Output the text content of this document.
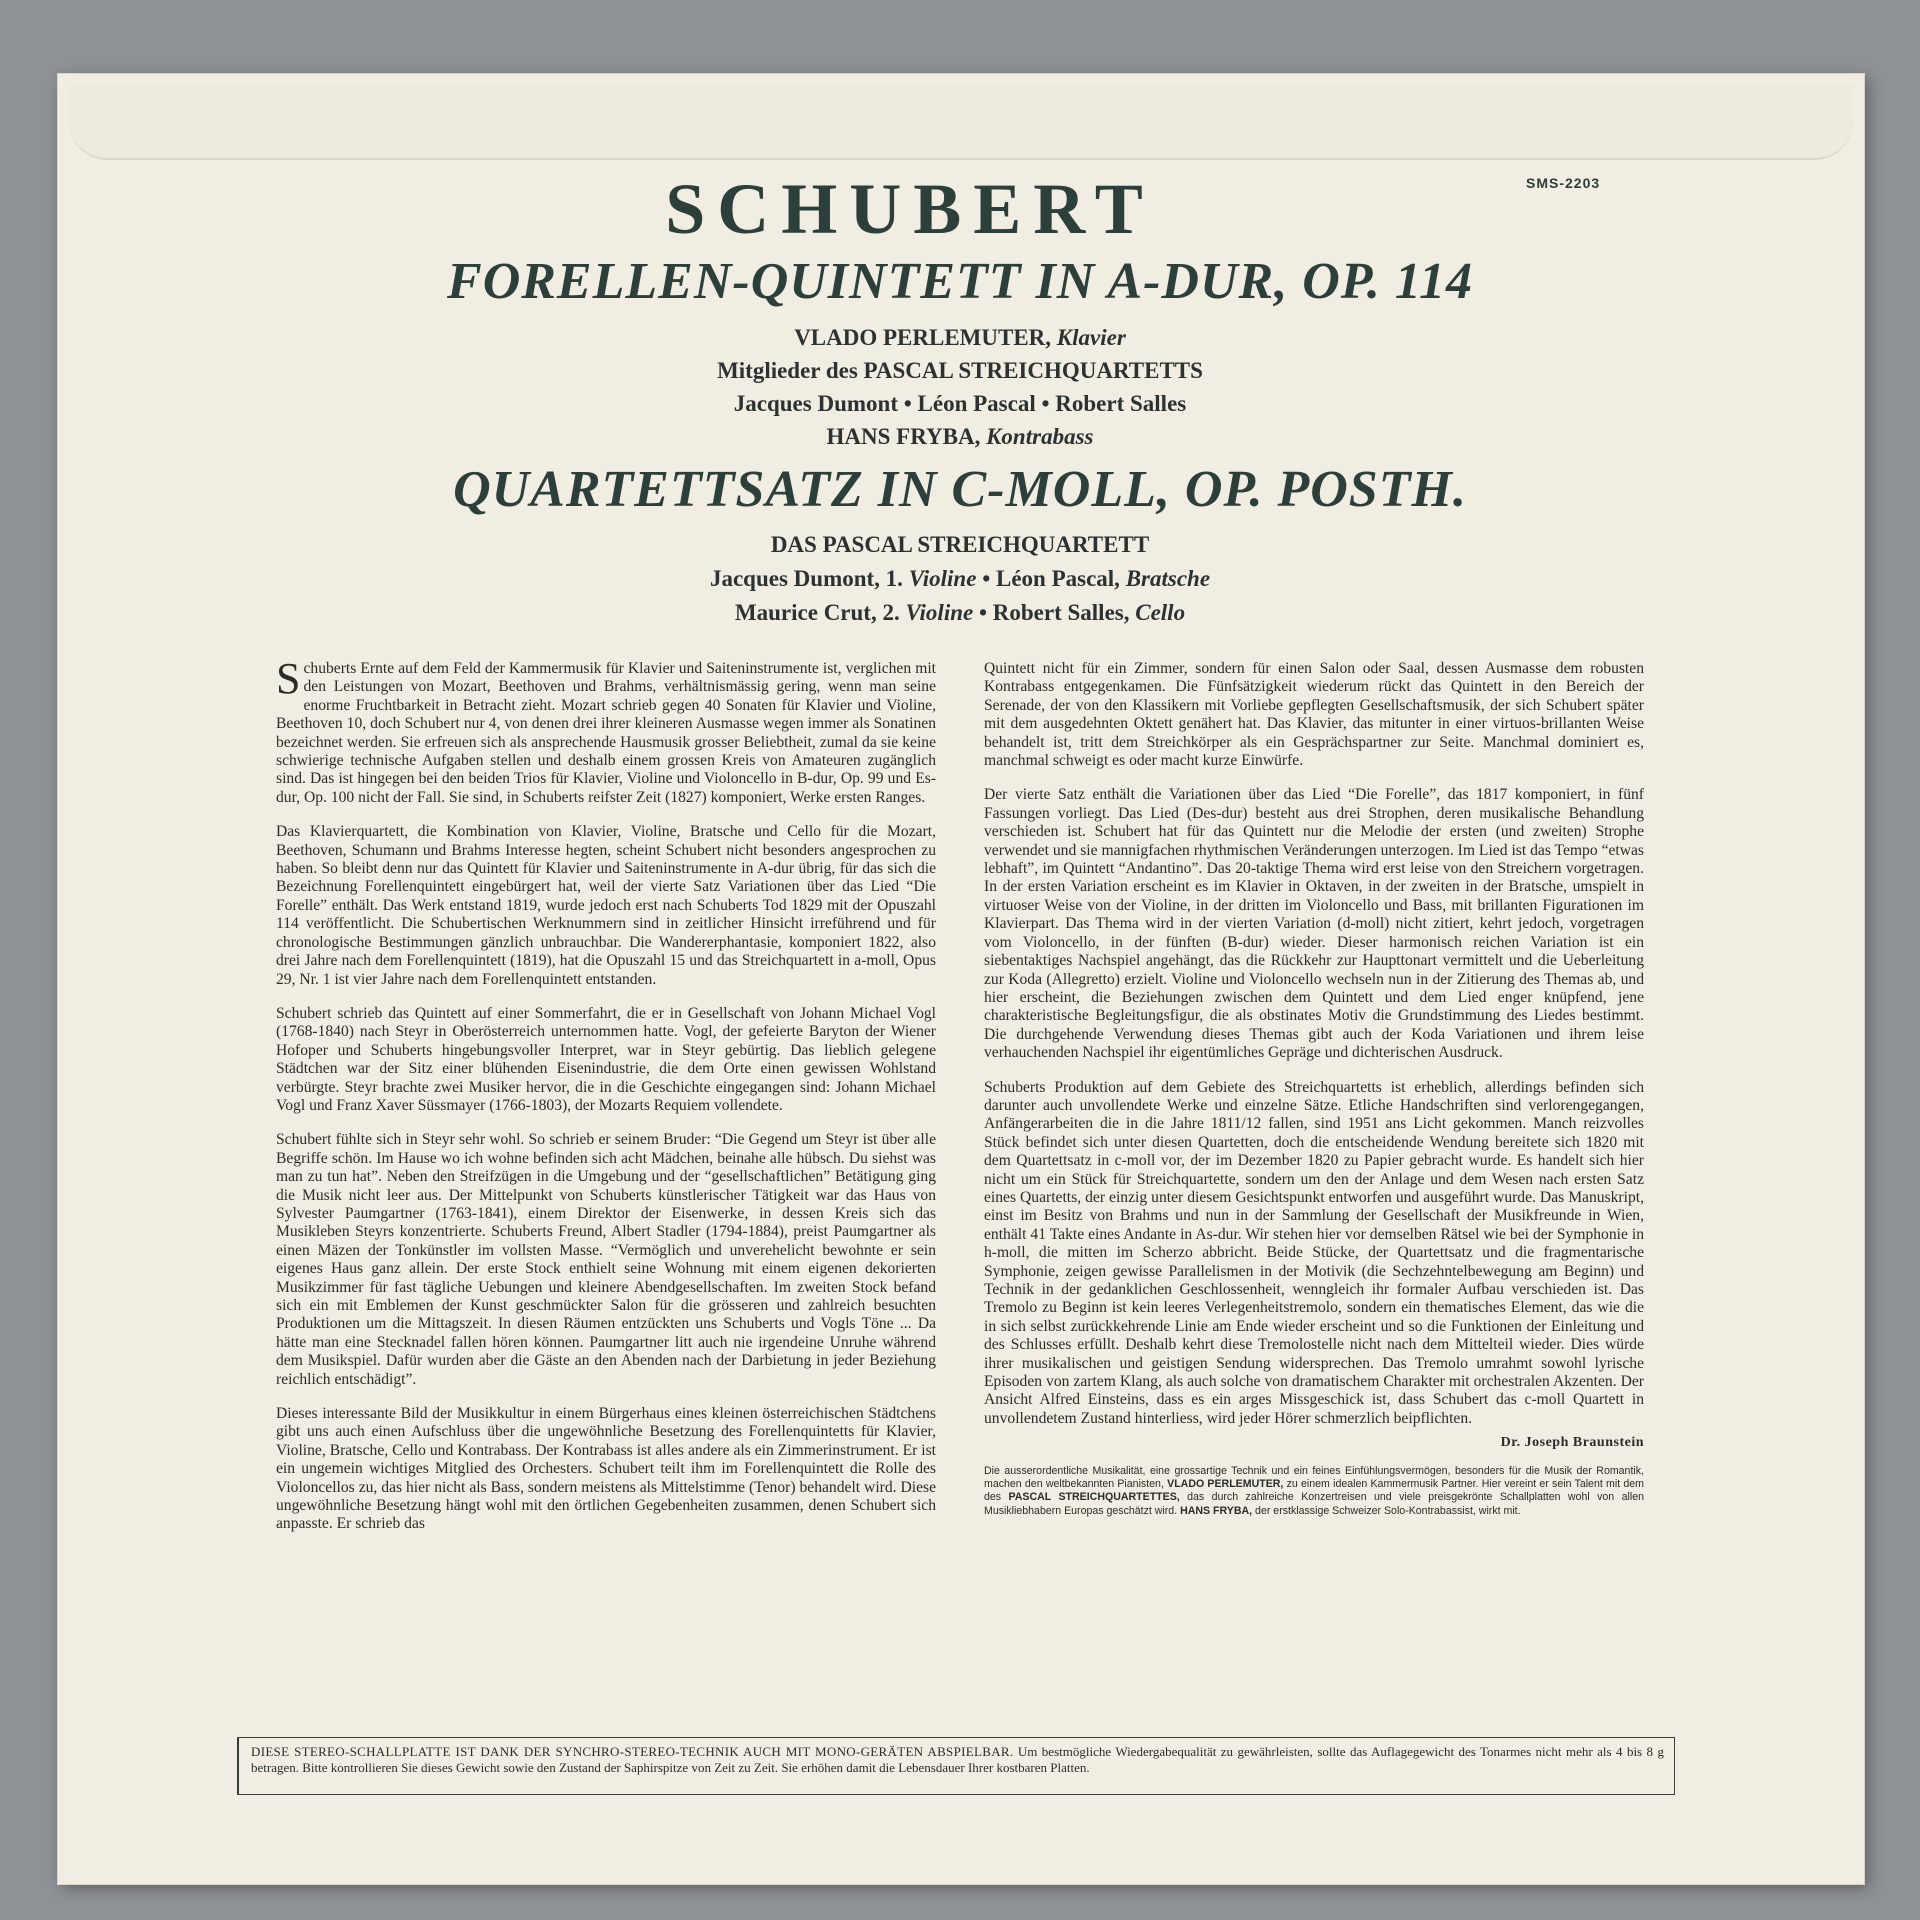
SMS-2203
SCHUBERT
FORELLEN-QUINTETT IN A-DUR, OP. 114
VLADO PERLEMUTER, Klavier
Mitglieder des PASCAL STREICHQUARTETTS
Jacques Dumont • Léon Pascal • Robert Salles
HANS FRYBA, Kontrabass
QUARTETTSATZ IN C-MOLL, OP. POSTH.
DAS PASCAL STREICHQUARTETT
Jacques Dumont, 1. Violine • Léon Pascal, Bratsche
Maurice Crut, 2. Violine • Robert Salles, Cello

Schuberts Ernte auf dem Feld der Kammermusik für Klavier und Saiteninstrumente ist, verglichen mit den Leistungen von Mozart, Beethoven und Brahms, verhältnismässig gering, wenn man seine enorme Fruchtbarkeit in Betracht zieht. Mozart schrieb gegen 40 Sonaten für Klavier und Violine, Beethoven 10, doch Schubert nur 4, von denen drei ihrer kleineren Ausmasse wegen immer als Sonatinen bezeichnet werden. Sie erfreuen sich als ansprechende Hausmusik grosser Beliebtheit, zumal da sie keine schwierige technische Aufgaben stellen und deshalb einem grossen Kreis von Amateuren zugänglich sind. Das ist hingegen bei den beiden Trios für Klavier, Violine und Violoncello in B-dur, Op. 99 und Es-dur, Op. 100 nicht der Fall. Sie sind, in Schuberts reifster Zeit (1827) komponiert, Werke ersten Ranges.

Das Klavierquartett, die Kombination von Klavier, Violine, Bratsche und Cello für die Mozart, Beethoven, Schumann und Brahms Interesse hegten, scheint Schubert nicht besonders angesprochen zu haben. So bleibt denn nur das Quintett für Klavier und Saiteninstrumente in A-dur übrig, für das sich die Bezeichnung Forellenquintett eingebürgert hat, weil der vierte Satz Variationen über das Lied “Die Forelle” enthält. Das Werk entstand 1819, wurde jedoch erst nach Schuberts Tod 1829 mit der Opuszahl 114 veröffentlicht. Die Schubertischen Werknummern sind in zeitlicher Hinsicht irreführend und für chronologische Bestimmungen gänzlich unbrauchbar. Die Wandererphantasie, komponiert 1822, also drei Jahre nach dem Forellenquintett (1819), hat die Opuszahl 15 und das Streichquartett in a-moll, Opus 29, Nr. 1 ist vier Jahre nach dem Forellenquintett entstanden.

Schubert schrieb das Quintett auf einer Sommerfahrt, die er in Gesellschaft von Johann Michael Vogl (1768-1840) nach Steyr in Oberösterreich unternommen hatte. Vogl, der gefeierte Baryton der Wiener Hofoper und Schuberts hingebungsvoller Interpret, war in Steyr gebürtig. Das lieblich gelegene Städtchen war der Sitz einer blühenden Eisenindustrie, die dem Orte einen gewissen Wohlstand verbürgte. Steyr brachte zwei Musiker hervor, die in die Geschichte eingegangen sind: Johann Michael Vogl und Franz Xaver Süssmayer (1766-1803), der Mozarts Requiem vollendete.

Schubert fühlte sich in Steyr sehr wohl. So schrieb er seinem Bruder: “Die Gegend um Steyr ist über alle Begriffe schön. Im Hause wo ich wohne befinden sich acht Mädchen, beinahe alle hübsch. Du siehst was man zu tun hat”. Neben den Streifzügen in die Umgebung und der “gesellschaftlichen” Betätigung ging die Musik nicht leer aus. Der Mittelpunkt von Schuberts künstlerischer Tätigkeit war das Haus von Sylvester Paumgartner (1763-1841), einem Direktor der Eisenwerke, in dessen Kreis sich das Musikleben Steyrs konzentrierte. Schuberts Freund, Albert Stadler (1794-1884), preist Paumgartner als einen Mäzen der Tonkünstler im vollsten Masse. “Vermöglich und unverehelicht bewohnte er sein eigenes Haus ganz allein. Der erste Stock enthielt seine Wohnung mit einem eigenen dekorierten Musikzimmer für fast tägliche Uebungen und kleinere Abendgesellschaften. Im zweiten Stock befand sich ein mit Emblemen der Kunst geschmückter Salon für die grösseren und zahlreich besuchten Produktionen um die Mittagszeit. In diesen Räumen entzückten uns Schuberts und Vogls Töne ... Da hätte man eine Stecknadel fallen hören können. Paumgartner litt auch nie irgendeine Unruhe während dem Musikspiel. Dafür wurden aber die Gäste an den Abenden nach der Darbietung in jeder Beziehung reichlich entschädigt”.

Dieses interessante Bild der Musikkultur in einem Bürgerhaus eines kleinen österreichischen Städtchens gibt uns auch einen Aufschluss über die ungewöhnliche Besetzung des Forellenquintetts für Klavier, Violine, Bratsche, Cello und Kontrabass. Der Kontrabass ist alles andere als ein Zimmerinstrument. Er ist ein ungemein wichtiges Mitglied des Orchesters. Schubert teilt ihm im Forellenquintett die Rolle des Violoncellos zu, das hier nicht als Bass, sondern meistens als Mittelstimme (Tenor) behandelt wird. Diese ungewöhnliche Besetzung hängt wohl mit den örtlichen Gegebenheiten zusammen, denen Schubert sich anpasste. Er schrieb das

Quintett nicht für ein Zimmer, sondern für einen Salon oder Saal, dessen Ausmasse dem robusten Kontrabass entgegenkamen. Die Fünfsätzigkeit wiederum rückt das Quintett in den Bereich der Serenade, der von den Klassikern mit Vorliebe gepflegten Gesellschaftsmusik, der sich Schubert später mit dem ausgedehnten Oktett genähert hat. Das Klavier, das mitunter in einer virtuos-brillanten Weise behandelt ist, tritt dem Streichkörper als ein Gesprächspartner zur Seite. Manchmal dominiert es, manchmal schweigt es oder macht kurze Einwürfe.

Der vierte Satz enthält die Variationen über das Lied “Die Forelle”, das 1817 komponiert, in fünf Fassungen vorliegt. Das Lied (Des-dur) besteht aus drei Strophen, deren musikalische Behandlung verschieden ist. Schubert hat für das Quintett nur die Melodie der ersten (und zweiten) Strophe verwendet und sie mannigfachen rhythmischen Veränderungen unterzogen. Im Lied ist das Tempo “etwas lebhaft”, im Quintett “Andantino”. Das 20-taktige Thema wird erst leise von den Streichern vorgetragen. In der ersten Variation erscheint es im Klavier in Oktaven, in der zweiten in der Bratsche, umspielt in virtuoser Weise von der Violine, in der dritten im Violoncello und Bass, mit brillanten Figurationen im Klavierpart. Das Thema wird in der vierten Variation (d-moll) nicht zitiert, kehrt jedoch, vorgetragen vom Violoncello, in der fünften (B-dur) wieder. Dieser harmonisch reichen Variation ist ein siebentaktiges Nachspiel angehängt, das die Rückkehr zur Haupttonart vermittelt und die Ueberleitung zur Koda (Allegretto) erzielt. Violine und Violoncello wechseln nun in der Zitierung des Themas ab, und hier erscheint, die Beziehungen zwischen dem Quintett und dem Lied enger knüpfend, jene charakteristische Begleitungsfigur, die als obstinates Motiv die Grundstimmung des Liedes bestimmt. Die durchgehende Verwendung dieses Themas gibt auch der Koda Variationen und ihrem leise verhauchenden Nachspiel ihr eigentümliches Gepräge und dichterischen Ausdruck.

Schuberts Produktion auf dem Gebiete des Streichquartetts ist erheblich, allerdings befinden sich darunter auch unvollendete Werke und einzelne Sätze. Etliche Handschriften sind verlorengegangen, Anfängerarbeiten die in die Jahre 1811/12 fallen, sind 1951 ans Licht gekommen. Manch reizvolles Stück befindet sich unter diesen Quartetten, doch die entscheidende Wendung bereitete sich 1820 mit dem Quartettsatz in c-moll vor, der im Dezember 1820 zu Papier gebracht wurde. Es handelt sich hier nicht um ein Stück für Streichquartette, sondern um den der Anlage und dem Wesen nach ersten Satz eines Quartetts, der einzig unter diesem Gesichtspunkt entworfen und ausgeführt wurde. Das Manuskript, einst im Besitz von Brahms und nun in der Sammlung der Gesellschaft der Musikfreunde in Wien, enthält 41 Takte eines Andante in As-dur. Wir stehen hier vor demselben Rätsel wie bei der Symphonie in h-moll, die mitten im Scherzo abbricht. Beide Stücke, der Quartettsatz und die fragmentarische Symphonie, zeigen gewisse Parallelismen in der Motivik (die Sechzehntelbewegung am Beginn) und Technik in der gedanklichen Geschlossenheit, wenngleich ihr formaler Aufbau verschieden ist. Das Tremolo zu Beginn ist kein leeres Verlegenheitstremolo, sondern ein thematisches Element, das wie die in sich selbst zurückkehrende Linie am Ende wieder erscheint und so die Funktionen der Einleitung und des Schlusses erfüllt. Deshalb kehrt diese Tremolostelle nicht nach dem Mittelteil wieder. Dies würde ihrer musikalischen und geistigen Sendung widersprechen. Das Tremolo umrahmt sowohl lyrische Episoden von zartem Klang, als auch solche von dramatischem Charakter mit orchestralen Akzenten. Der Ansicht Alfred Einsteins, dass es ein arges Missgeschick ist, dass Schubert das c-moll Quartett in unvollendetem Zustand hinterliess, wird jeder Hörer schmerzlich beipflichten.

Dr. Joseph Braunstein
Die ausserordentliche Musikalität, eine grossartige Technik und ein feines Einfühlungsvermögen, besonders für die Musik der Romantik, machen den weltbekannten Pianisten, VLADO PERLEMUTER, zu einem idealen Kammermusik Partner. Hier vereint er sein Talent mit dem des PASCAL STREICHQUARTETTES, das durch zahlreiche Konzertreisen und viele preisgekrönte Schallplatten wohl von allen Musikliebhabern Europas geschätzt wird. HANS FRYBA, der erstklassige Schweizer Solo-Kontrabassist, wirkt mit.
DIESE STEREO-SCHALLPLATTE IST DANK DER SYNCHRO-STEREO-TECHNIK AUCH MIT MONO-GERÄTEN ABSPIELBAR. Um bestmögliche Wiedergabequalität zu gewährleisten, sollte das Auflagegewicht des Tonarmes nicht mehr als 4 bis 8 g betragen. Bitte kontrollieren Sie dieses Gewicht sowie den Zustand der Saphirspitze von Zeit zu Zeit. Sie erhöhen damit die Lebensdauer Ihrer kostbaren Platten.
